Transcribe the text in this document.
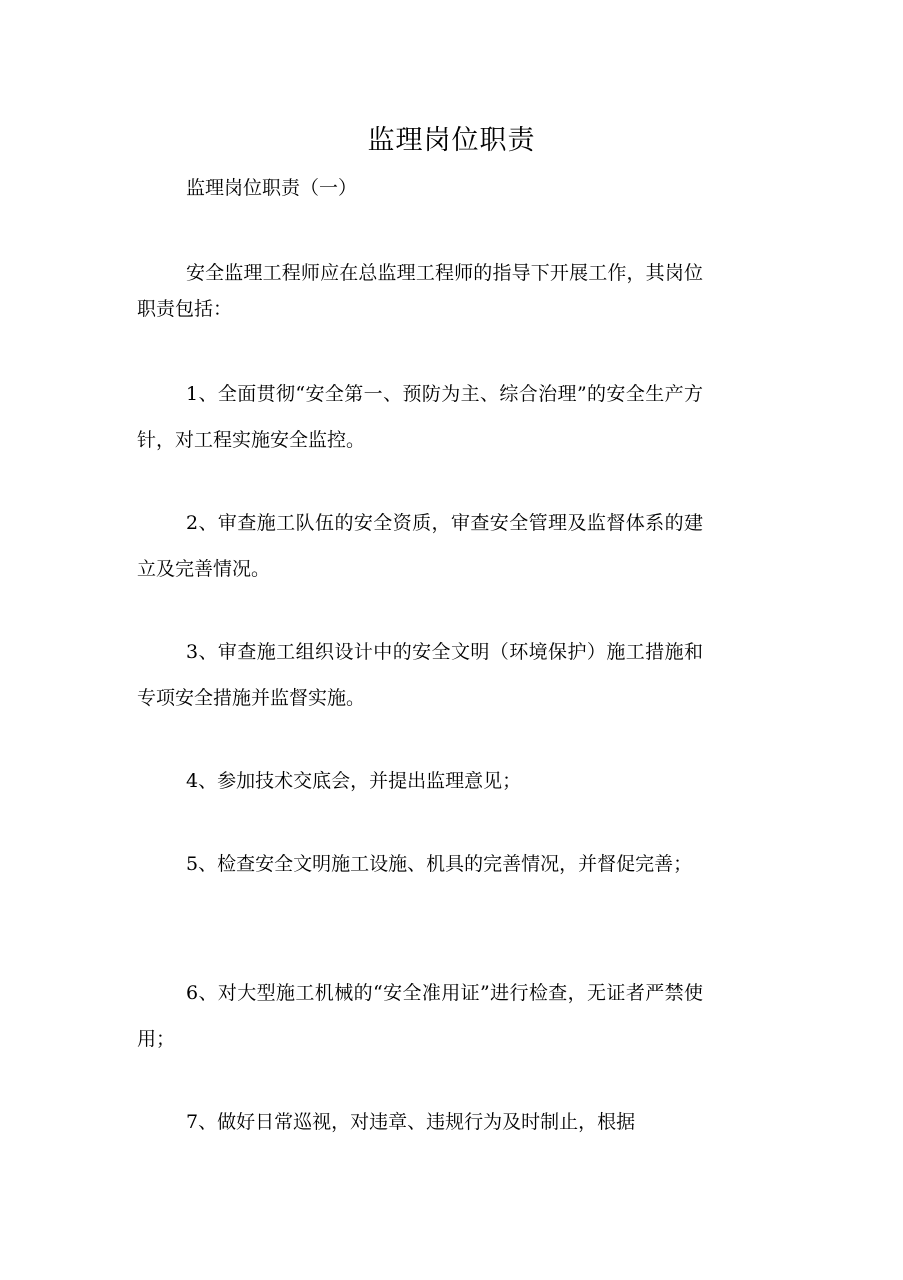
监理岗位职责

监理岗位职责（一）

安全监理工程师应在总监理工程师的指导下开展工作，其岗位职责包括：

1、全面贯彻“安全第一、预防为主、综合治理”的安全生产方针，对工程实施安全监控。

2、审查施工队伍的安全资质，审查安全管理及监督体系的建立及完善情况。

3、审查施工组织设计中的安全文明（环境保护）施工措施和专项安全措施并监督实施。

4、参加技术交底会，并提出监理意见；

5、检查安全文明施工设施、机具的完善情况，并督促完善；

6、对大型施工机械的“安全准用证”进行检查，无证者严禁使用；

7、做好日常巡视，对违章、违规行为及时制止，根据
